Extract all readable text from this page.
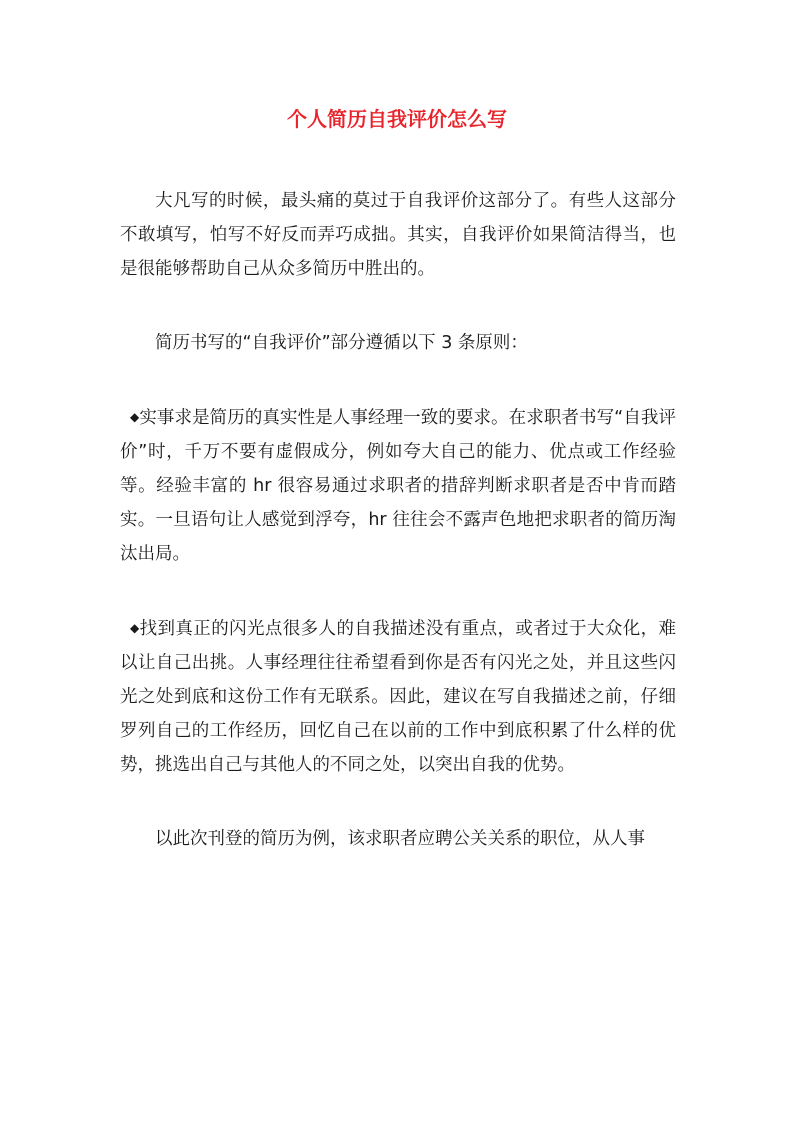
个人简历自我评价怎么写

大凡写的时候，最头痛的莫过于自我评价这部分了。有些人这部分不敢填写，怕写不好反而弄巧成拙。其实，自我评价如果简洁得当，也是很能够帮助自己从众多简历中胜出的。

简历书写的“自我评价”部分遵循以下 3 条原则：

◆实事求是简历的真实性是人事经理一致的要求。在求职者书写“自我评价”时，千万不要有虚假成分，例如夸大自己的能力、优点或工作经验等。经验丰富的 hr 很容易通过求职者的措辞判断求职者是否中肯而踏实。一旦语句让人感觉到浮夸，hr 往往会不露声色地把求职者的简历淘汰出局。

◆找到真正的闪光点很多人的自我描述没有重点，或者过于大众化，难以让自己出挑。人事经理往往希望看到你是否有闪光之处，并且这些闪光之处到底和这份工作有无联系。因此，建议在写自我描述之前，仔细罗列自己的工作经历，回忆自己在以前的工作中到底积累了什么样的优势，挑选出自己与其他人的不同之处，以突出自我的优势。

以此次刊登的简历为例，该求职者应聘公关关系的职位，从人事
